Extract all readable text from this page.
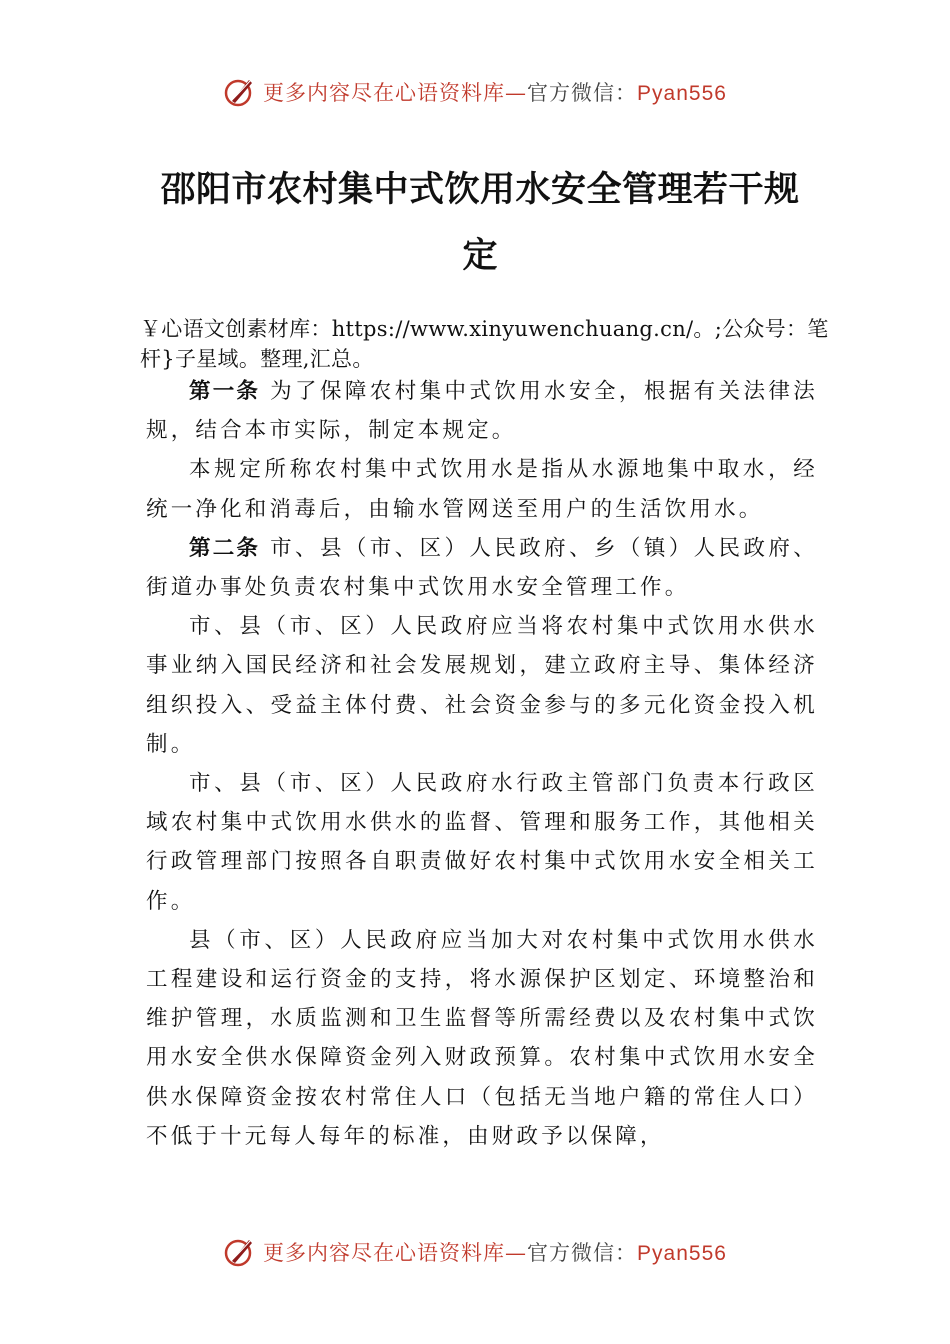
更多内容尽在心语资料库—官方微信：Pyan556
邵阳市农村集中式饮用水安全管理若干规
定
￥心语文创素材库：https://www.xinyuwenchuang.cn/。;公众号：笔杆}子星域。整理,汇总。

第一条 为了保障农村集中式饮用水安全，根据有关法律法规，结合本市实际，制定本规定。

本规定所称农村集中式饮用水是指从水源地集中取水，经统一净化和消毒后，由输水管网送至用户的生活饮用水。

第二条 市、县（市、区）人民政府、乡（镇）人民政府、街道办事处负责农村集中式饮用水安全管理工作。

市、县（市、区）人民政府应当将农村集中式饮用水供水事业纳入国民经济和社会发展规划，建立政府主导、集体经济组织投入、受益主体付费、社会资金参与的多元化资金投入机制。

市、县（市、区）人民政府水行政主管部门负责本行政区域农村集中式饮用水供水的监督、管理和服务工作，其他相关行政管理部门按照各自职责做好农村集中式饮用水安全相关工作。

县（市、区）人民政府应当加大对农村集中式饮用水供水工程建设和运行资金的支持，将水源保护区划定、环境整治和维护管理，水质监测和卫生监督等所需经费以及农村集中式饮用水安全供水保障资金列入财政预算。农村集中式饮用水安全供水保障资金按农村常住人口（包括无当地户籍的常住人口）不低于十元每人每年的标准，由财政予以保障，

更多内容尽在心语资料库—官方微信：Pyan556
